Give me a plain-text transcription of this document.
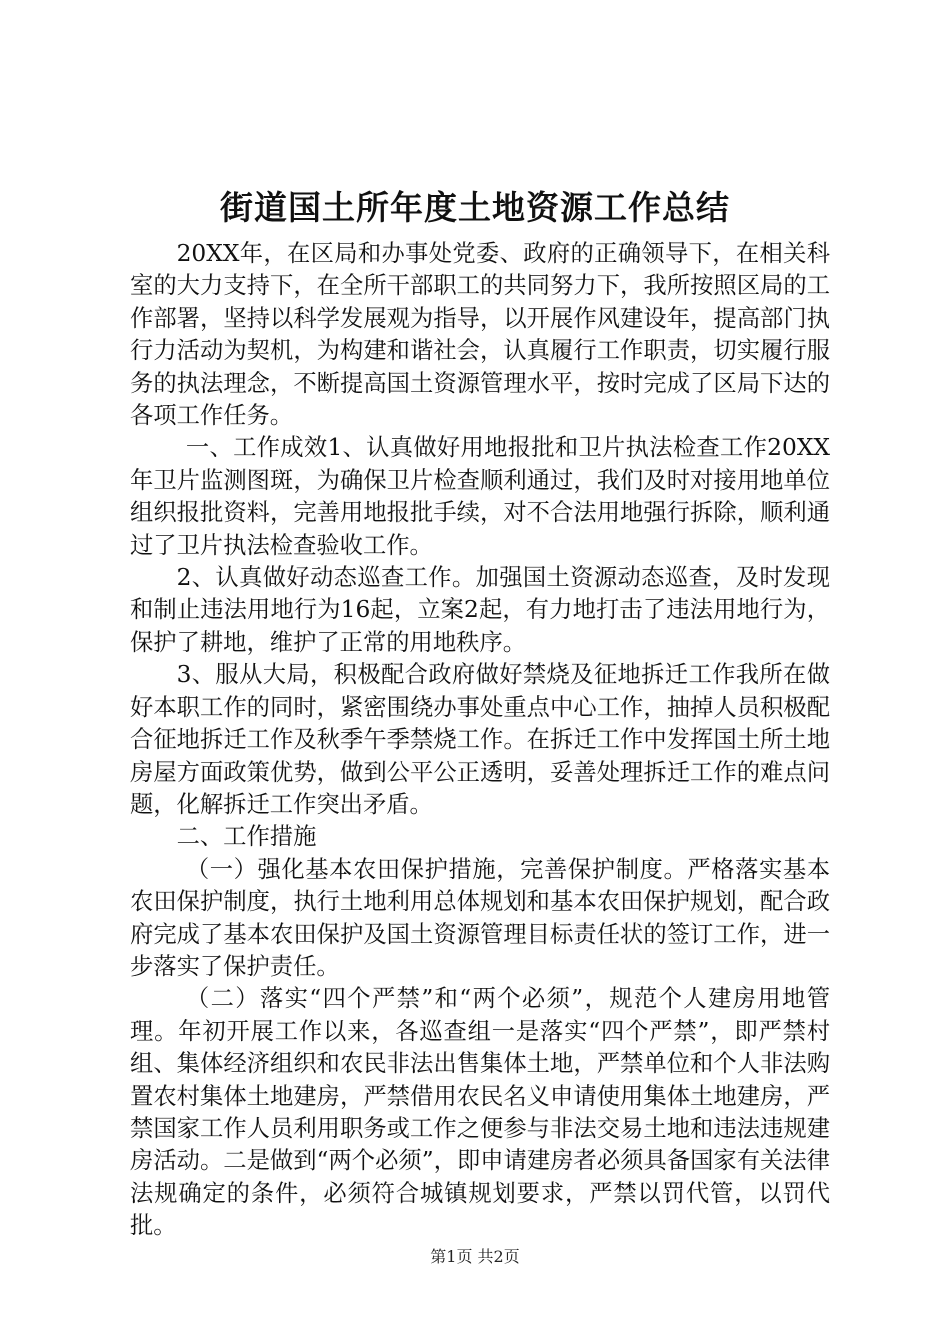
街道国土所年度土地资源工作总结

20XX年，在区局和办事处党委、政府的正确领导下，在相关科室的大力支持下，在全所干部职工的共同努力下，我所按照区局的工作部署，坚持以科学发展观为指导，以开展作风建设年，提高部门执行力活动为契机，为构建和谐社会，认真履行工作职责，切实履行服务的执法理念，不断提高国土资源管理水平，按时完成了区局下达的各项工作任务。

一、工作成效1、认真做好用地报批和卫片执法检查工作20XX年卫片监测图斑，为确保卫片检查顺利通过，我们及时对接用地单位组织报批资料，完善用地报批手续，对不合法用地强行拆除，顺利通过了卫片执法检查验收工作。

2、认真做好动态巡查工作。加强国土资源动态巡查，及时发现和制止违法用地行为16起，立案2起，有力地打击了违法用地行为，保护了耕地，维护了正常的用地秩序。

3、服从大局，积极配合政府做好禁烧及征地拆迁工作我所在做好本职工作的同时，紧密围绕办事处重点中心工作，抽掉人员积极配合征地拆迁工作及秋季午季禁烧工作。在拆迁工作中发挥国土所土地房屋方面政策优势，做到公平公正透明，妥善处理拆迁工作的难点问题，化解拆迁工作突出矛盾。

二、工作措施

（一）强化基本农田保护措施，完善保护制度。严格落实基本农田保护制度，执行土地利用总体规划和基本农田保护规划，配合政府完成了基本农田保护及国土资源管理目标责任状的签订工作，进一步落实了保护责任。

（二）落实“四个严禁”和“两个必须”，规范个人建房用地管理。年初开展工作以来，各巡查组一是落实“四个严禁”，即严禁村组、集体经济组织和农民非法出售集体土地，严禁单位和个人非法购置农村集体土地建房，严禁借用农民名义申请使用集体土地建房，严禁国家工作人员利用职务或工作之便参与非法交易土地和违法违规建房活动。二是做到“两个必须”，即申请建房者必须具备国家有关法律法规确定的条件，必须符合城镇规划要求，严禁以罚代管，以罚代批。

第1页 共2页
